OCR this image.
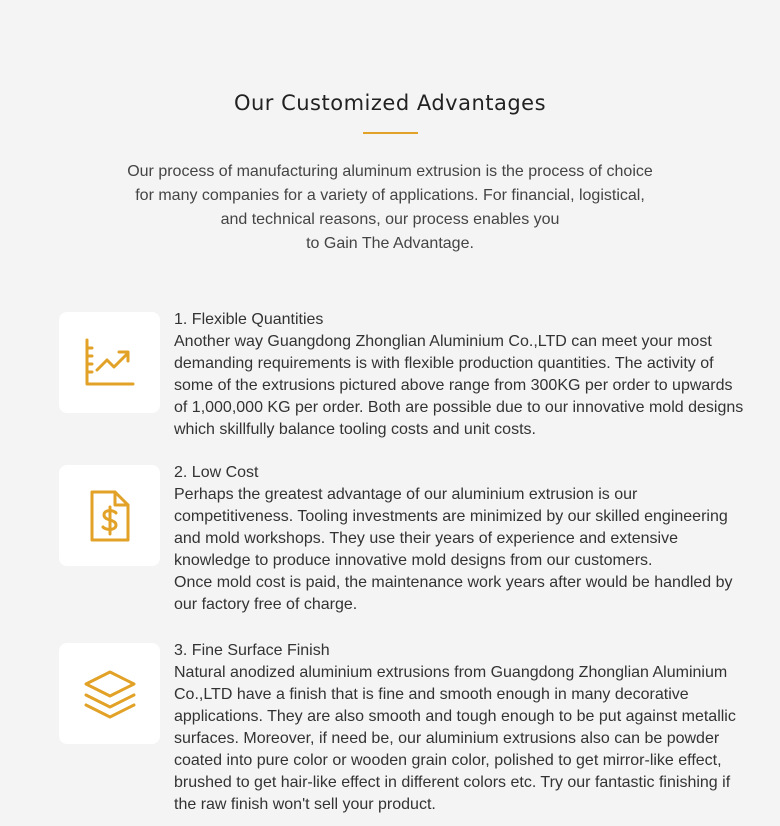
Our Customized Advantages
Our process of manufacturing aluminum extrusion is the process of choice
for many companies for a variety of applications. For financial, logistical,
and technical reasons, our process enables you
to Gain The Advantage.
1. Flexible Quantities
Another way Guangdong Zhonglian Aluminium Co.,LTD can meet your most demanding requirements is with flexible production quantities. The activity of some of the extrusions pictured above range from 300KG per order to upwards of 1,000,000 KG per order. Both are possible due to our innovative mold designs which skillfully balance tooling costs and unit costs.
2. Low Cost
Perhaps the greatest advantage of our aluminium extrusion is our competitiveness. Tooling investments are minimized by our skilled engineering and mold workshops. They use their years of experience and extensive knowledge to produce innovative mold designs from our customers.
Once mold cost is paid, the maintenance work years after would be handled by our factory free of charge.
3. Fine Surface Finish
Natural anodized aluminium extrusions from Guangdong Zhonglian Aluminium Co.,LTD have a finish that is fine and smooth enough in many decorative applications. They are also smooth and tough enough to be put against metallic surfaces. Moreover, if need be, our aluminium extrusions also can be powder coated into pure color or wooden grain color, polished to get mirror-like effect, brushed to get hair-like effect in different colors etc. Try our fantastic finishing if the raw finish won't sell your product.
